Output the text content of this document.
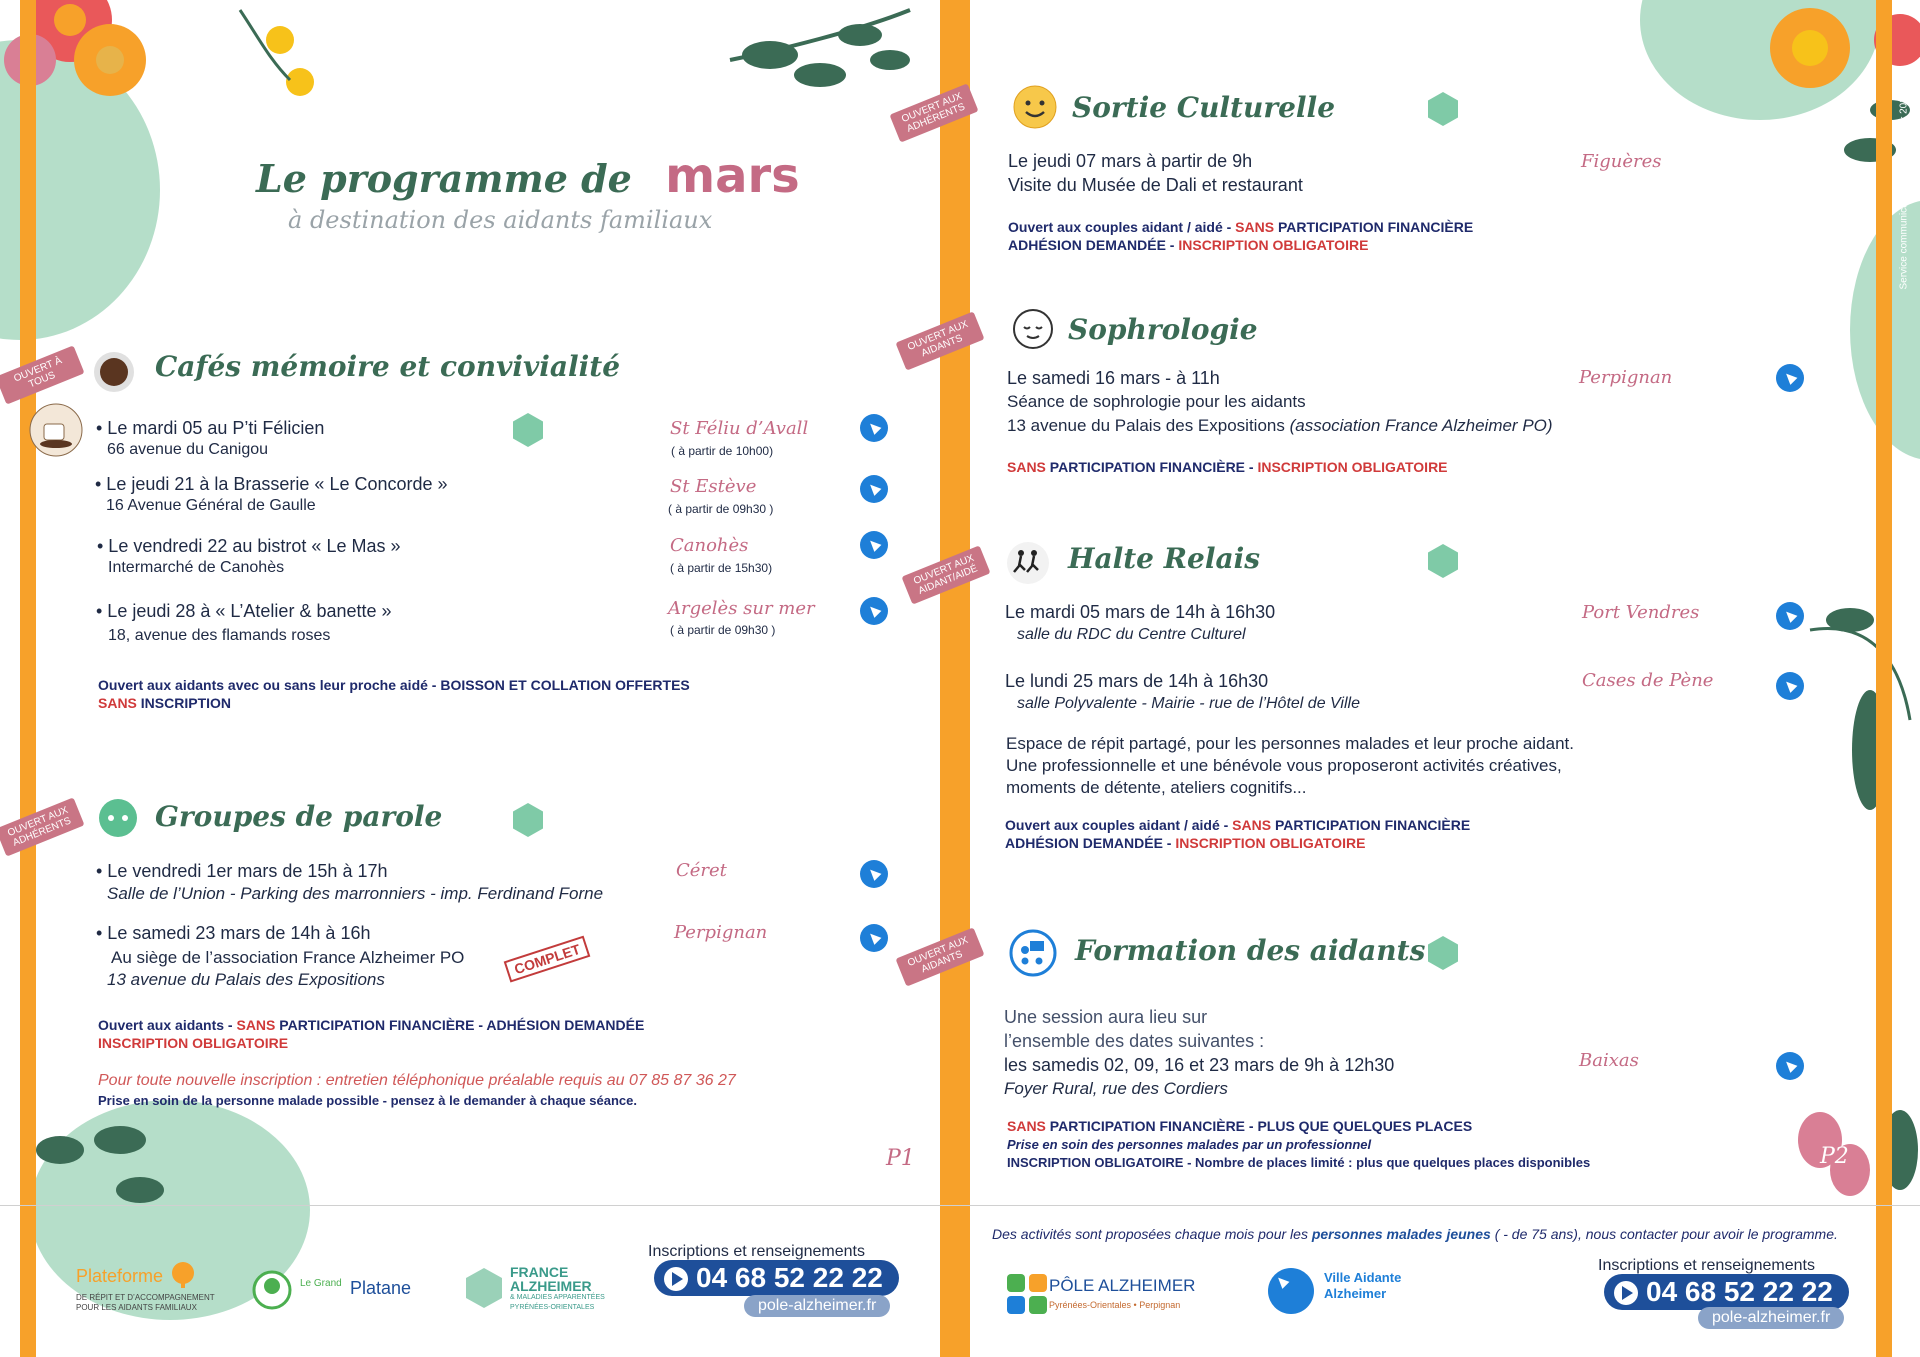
Service communication Pôle Alzheimer 2024 ©
Le programme de mars
à destination des aidants familiaux
OUVERT À TOUS	Cafés mémoire et convivialité
• Le mardi 05 au P’ti Félicien
66 avenue du Canigou
St Féliu d’Avall
( à partir de 10h00)
• Le jeudi 21 à la Brasserie « Le Concorde »
16 Avenue Général de Gaulle
St Estève
( à partir de 09h30 )
• Le vendredi 22 au bistrot « Le Mas »
Intermarché de Canohès
Canohès
( à partir de 15h30)
• Le jeudi 28 à « L’Atelier & banette »
18, avenue des flamands roses
Argelès sur mer
( à partir de 09h30 )
Ouvert aux aidants avec ou sans leur proche aidé - BOISSON ET COLLATION OFFERTES
SANS INSCRIPTION
OUVERT AUX ADHÉRENTS	Groupes de parole
• Le vendredi 1er mars de 15h à 17h
Salle de l’Union - Parking des marronniers - imp. Ferdinand Forne
Céret
• Le samedi 23 mars de 14h à 16h
Au siège de l’association France Alzheimer PO
13 avenue du Palais des Expositions
COMPLET
Perpignan
Ouvert aux aidants - SANS PARTICIPATION FINANCIÈRE - ADHÉSION DEMANDÉE
INSCRIPTION OBLIGATOIRE
Pour toute nouvelle inscription : entretien téléphonique préalable requis au 07 85 87 36 27
Prise en soin de la personne malade possible - pensez à le demander à chaque séance.
P1
OUVERT AUX ADHÉRENTS	Sortie Culturelle
Le jeudi 07 mars à partir de 9h
Visite du Musée de Dali et restaurant
Figuères
Ouvert aux couples aidant / aidé - SANS PARTICIPATION FINANCIÈRE
ADHÉSION DEMANDÉE - INSCRIPTION OBLIGATOIRE
OUVERT AUX AIDANTS
Sophrologie
Le samedi 16 mars - à 11h
Séance de sophrologie pour les aidants
13 avenue du Palais des Expositions (association France Alzheimer PO)
Perpignan
SANS PARTICIPATION FINANCIÈRE - INSCRIPTION OBLIGATOIRE
OUVERT AUX AIDANT/AIDÉ
Halte Relais
Le mardi 05 mars de 14h à 16h30
salle du RDC du Centre Culturel
Port Vendres
Le lundi 25 mars de 14h à 16h30
salle Polyvalente - Mairie - rue de l’Hôtel de Ville
Cases de Pène
Espace de répit partagé, pour les personnes malades et leur proche aidant.
Une professionnelle et une bénévole vous proposeront activités créatives,
moments de détente, ateliers cognitifs...
Ouvert aux couples aidant / aidé - SANS PARTICIPATION FINANCIÈRE
ADHÉSION DEMANDÉE - INSCRIPTION OBLIGATOIRE
OUVERT AUX AIDANTS	Formation des aidants
Une session aura lieu sur
l’ensemble des dates suivantes :
les samedis 02, 09, 16 et 23 mars de 9h à 12h30
Foyer Rural, rue des Cordiers
Baixas
SANS PARTICIPATION FINANCIÈRE - PLUS QUE QUELQUES PLACES
Prise en soin des personnes malades par un professionnel
INSCRIPTION OBLIGATOIRE - Nombre de places limité : plus que quelques places disponibles	P2
Plateforme
DE RÉPIT ET D’ACCOMPAGNEMENT
POUR LES AIDANTS FAMILIAUX
Le Grand Platane
FRANCE
ALZHEIMER
& MALADIES APPARENTÉES
PYRÉNÉES-ORIENTALES
Inscriptions et renseignements
04 68 52 22 22
pole-alzheimer.fr
Des activités sont proposées chaque mois pour les personnes malades jeunes ( - de 75 ans), nous contacter pour avoir le programme.
PÔLE ALZHEIMER
Pyrénées-Orientales • Perpignan
Ville Aidante
Alzheimer
Inscriptions et renseignements
04 68 52 22 22
pole-alzheimer.fr
